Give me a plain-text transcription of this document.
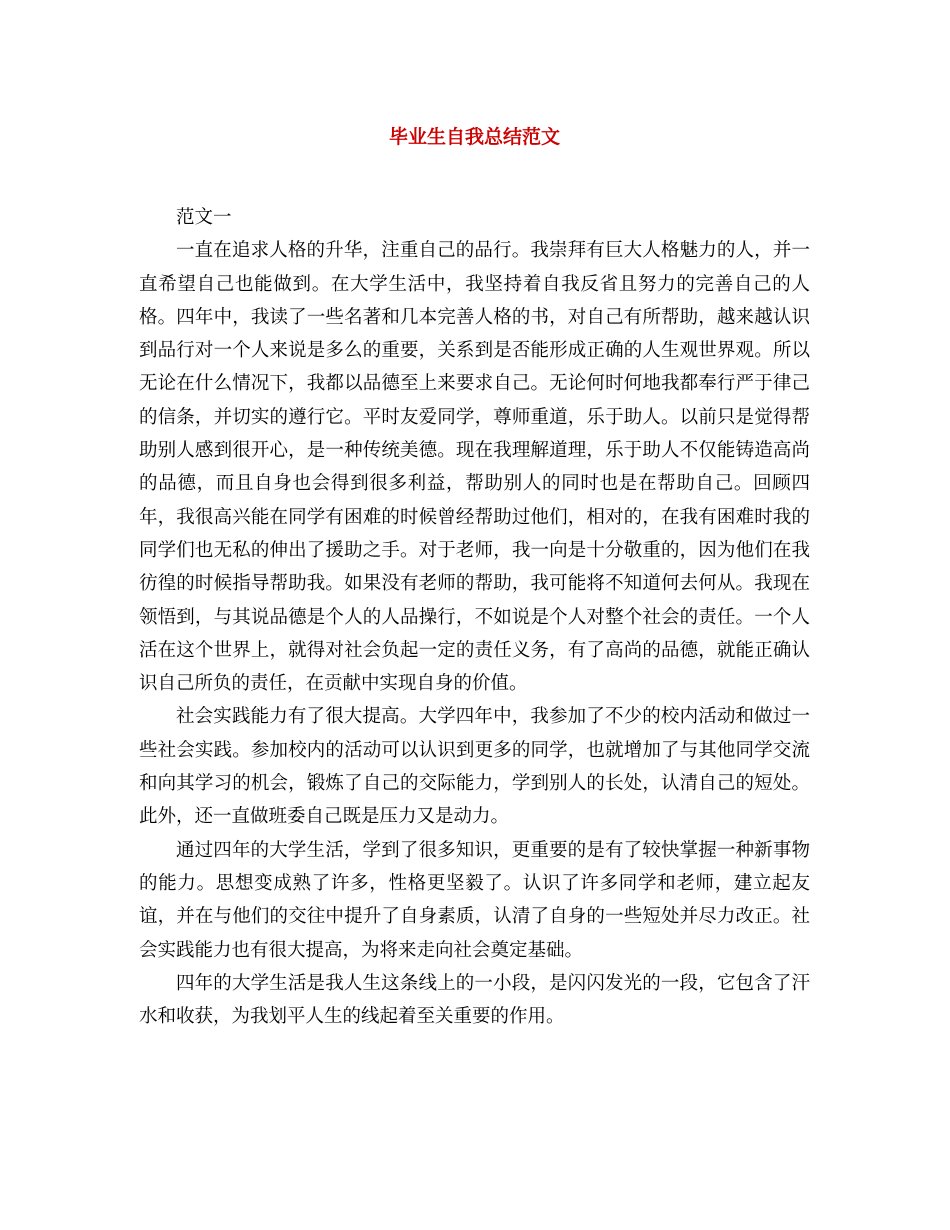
毕业生自我总结范文

范文一

一直在追求人格的升华，注重自己的品行。我崇拜有巨大人格魅力的人，并一直希望自己也能做到。在大学生活中，我坚持着自我反省且努力的完善自己的人格。四年中，我读了一些名著和几本完善人格的书，对自己有所帮助，越来越认识到品行对一个人来说是多么的重要，关系到是否能形成正确的人生观世界观。所以无论在什么情况下，我都以品德至上来要求自己。无论何时何地我都奉行严于律己的信条，并切实的遵行它。平时友爱同学，尊师重道，乐于助人。以前只是觉得帮助别人感到很开心，是一种传统美德。现在我理解道理，乐于助人不仅能铸造高尚的品德，而且自身也会得到很多利益，帮助别人的同时也是在帮助自己。回顾四年，我很高兴能在同学有困难的时候曾经帮助过他们，相对的，在我有困难时我的同学们也无私的伸出了援助之手。对于老师，我一向是十分敬重的，因为他们在我彷徨的时候指导帮助我。如果没有老师的帮助，我可能将不知道何去何从。我现在领悟到，与其说品德是个人的人品操行，不如说是个人对整个社会的责任。一个人活在这个世界上，就得对社会负起一定的责任义务，有了高尚的品德，就能正确认识自己所负的责任，在贡献中实现自身的价值。

社会实践能力有了很大提高。大学四年中，我参加了不少的校内活动和做过一些社会实践。参加校内的活动可以认识到更多的同学，也就增加了与其他同学交流和向其学习的机会，锻炼了自己的交际能力，学到别人的长处，认清自己的短处。此外，还一直做班委自己既是压力又是动力。

通过四年的大学生活，学到了很多知识，更重要的是有了较快掌握一种新事物的能力。思想变成熟了许多，性格更坚毅了。认识了许多同学和老师，建立起友谊，并在与他们的交往中提升了自身素质，认清了自身的一些短处并尽力改正。社会实践能力也有很大提高，为将来走向社会奠定基础。

四年的大学生活是我人生这条线上的一小段，是闪闪发光的一段，它包含了汗水和收获，为我划平人生的线起着至关重要的作用。
